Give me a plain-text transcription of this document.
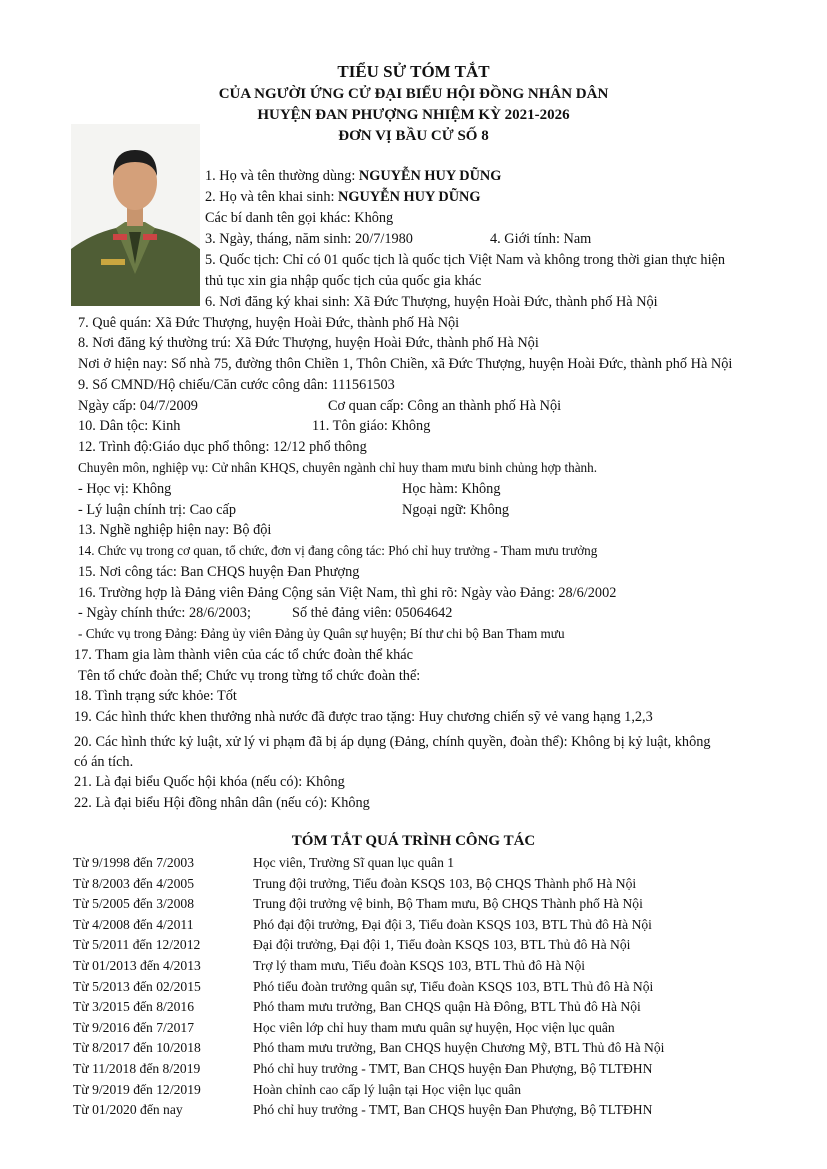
TIỂU SỬ TÓM TẮT
CỦA NGƯỜI ỨNG CỬ ĐẠI BIỂU HỘI ĐỒNG NHÂN DÂN
HUYỆN ĐAN PHƯỢNG NHIỆM KỲ 2021-2026
ĐƠN VỊ BẦU CỬ SỐ 8
1. Họ và tên thường dùng: NGUYỄN HUY DŨNG
2. Họ và tên khai sinh: NGUYỄN HUY DŨNG
Các bí danh tên gọi khác: Không
3. Ngày, tháng, năm sinh: 20/7/1980	4. Giới tính: Nam
5. Quốc tịch: Chỉ có 01 quốc tịch là quốc tịch Việt Nam và không trong thời gian thực hiện
thủ tục xin gia nhập quốc tịch của quốc gia khác
6. Nơi đăng ký khai sinh: Xã Đức Thượng, huyện Hoài Đức, thành phố Hà Nội
7. Quê quán: Xã Đức Thượng, huyện Hoài Đức, thành phố Hà Nội
8. Nơi đăng ký thường trú: Xã Đức Thượng, huyện Hoài Đức, thành phố Hà Nội
Nơi ở hiện nay: Số nhà 75, đường thôn Chiền 1, Thôn Chiền, xã Đức Thượng, huyện Hoài Đức, thành phố Hà Nội
9. Số CMND/Hộ chiếu/Căn cước công dân: 111561503
Ngày cấp: 04/7/2009	Cơ quan cấp: Công an thành phố Hà Nội
10. Dân tộc: Kinh	11. Tôn giáo: Không
12. Trình độ:Giáo dục phổ thông: 12/12 phổ thông
Chuyên môn, nghiệp vụ: Cử nhân KHQS, chuyên ngành chỉ huy tham mưu binh chủng hợp thành.
- Học vị: Không	Học hàm: Không
- Lý luận chính trị: Cao cấp	Ngoại ngữ: Không
13. Nghề nghiệp hiện nay: Bộ đội
14. Chức vụ trong cơ quan, tổ chức, đơn vị đang công tác: Phó chỉ huy trưởng - Tham mưu trưởng
15. Nơi công tác: Ban CHQS huyện Đan Phượng
16. Trường hợp là Đảng viên Đảng Cộng sản Việt Nam, thì ghi rõ: Ngày vào Đảng: 28/6/2002
- Ngày chính thức: 28/6/2003;	Số thẻ đảng viên: 05064642
- Chức vụ trong Đảng: Đảng ủy viên Đảng ủy Quân sự huyện; Bí thư chi bộ Ban Tham mưu
17. Tham gia làm thành viên của các tổ chức đoàn thể khác
Tên tổ chức đoàn thể; Chức vụ trong từng tổ chức đoàn thể:
18. Tình trạng sức khỏe: Tốt
19. Các hình thức khen thưởng nhà nước đã được trao tặng: Huy chương chiến sỹ vẻ vang hạng 1,2,3
20. Các hình thức kỷ luật, xử lý vi phạm đã bị áp dụng (Đảng, chính quyền, đoàn thể): Không bị kỷ luật, không
có án tích.
21. Là đại biểu Quốc hội khóa (nếu có): Không
22. Là đại biểu Hội đồng nhân dân (nếu có): Không
TÓM TẮT QUÁ TRÌNH CÔNG TÁC
Từ 9/1998 đến 7/2003	Học viên, Trường Sĩ quan lục quân 1
Từ 8/2003 đến 4/2005	Trung đội trưởng, Tiểu đoàn KSQS 103, Bộ CHQS Thành phố Hà Nội
Từ 5/2005 đến 3/2008	Trung đội trưởng vệ binh, Bộ Tham mưu, Bộ CHQS Thành phố Hà Nội
Từ 4/2008 đến 4/2011	Phó đại đội trưởng, Đại đội 3, Tiểu đoàn KSQS 103, BTL Thủ đô Hà Nội
Từ 5/2011 đến 12/2012	Đại đội trưởng, Đại đội 1, Tiểu đoàn KSQS 103, BTL Thủ đô Hà Nội
Từ 01/2013 đến 4/2013	Trợ lý tham mưu, Tiểu đoàn KSQS 103, BTL Thủ đô Hà Nội
Từ 5/2013 đến 02/2015	Phó tiểu đoàn trưởng quân sự, Tiểu đoàn KSQS 103, BTL Thủ đô Hà Nội
Từ 3/2015 đến 8/2016	Phó tham mưu trưởng, Ban CHQS quận Hà Đông, BTL Thủ đô Hà Nội
Từ 9/2016 đến 7/2017	Học viên lớp chỉ huy tham mưu quân sự huyện, Học viện lục quân
Từ 8/2017 đến 10/2018	Phó tham mưu trưởng, Ban CHQS huyện Chương Mỹ, BTL Thủ đô Hà Nội
Từ 11/2018 đến 8/2019	Phó chỉ huy trưởng - TMT, Ban CHQS huyện Đan Phượng, Bộ TLTĐHN
Từ 9/2019 đến 12/2019	Hoàn chỉnh cao cấp lý luận tại Học viện lục quân
Từ 01/2020 đến nay	Phó chỉ huy trưởng - TMT, Ban CHQS huyện Đan Phượng, Bộ TLTĐHN
